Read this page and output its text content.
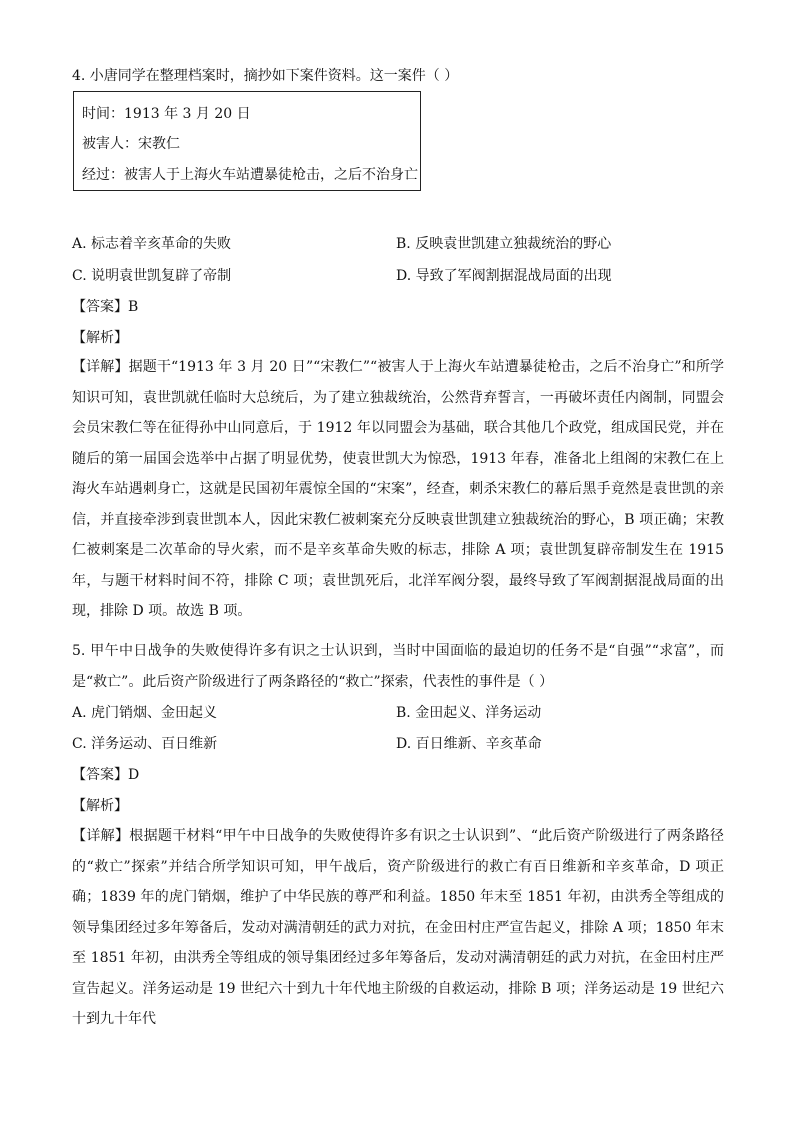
4. 小唐同学在整理档案时，摘抄如下案件资料。这一案件（ ）
时间：1913 年 3 月 20 日
被害人：宋教仁
经过：被害人于上海火车站遭暴徒枪击，之后不治身亡
A. 标志着辛亥革命的失败	B. 反映袁世凯建立独裁统治的野心
C. 说明袁世凯复辟了帝制	D. 导致了军阀割据混战局面的出现
【答案】B
【解析】
【详解】据题干“1913 年 3 月 20 日”“宋教仁”“被害人于上海火车站遭暴徒枪击，之后不治身亡”和所学知识可知，袁世凯就任临时大总统后，为了建立独裁统治，公然背弃誓言，一再破坏责任内阁制，同盟会会员宋教仁等在征得孙中山同意后，于 1912 年以同盟会为基础，联合其他几个政党，组成国民党，并在随后的第一届国会选举中占据了明显优势，使袁世凯大为惊恐，1913 年春，准备北上组阁的宋教仁在上海火车站遇刺身亡，这就是民国初年震惊全国的“宋案”，经查，刺杀宋教仁的幕后黑手竟然是袁世凯的亲信，并直接牵涉到袁世凯本人，因此宋教仁被刺案充分反映袁世凯建立独裁统治的野心，B 项正确；宋教仁被刺案是二次革命的导火索，而不是辛亥革命失败的标志，排除 A 项；袁世凯复辟帝制发生在 1915 年，与题干材料时间不符，排除 C 项；袁世凯死后，北洋军阀分裂，最终导致了军阀割据混战局面的出现，排除 D 项。故选 B 项。
5. 甲午中日战争的失败使得许多有识之士认识到，当时中国面临的最迫切的任务不是“自强”“求富”，而是“救亡”。此后资产阶级进行了两条路径的“救亡”探索，代表性的事件是（ ）
A. 虎门销烟、金田起义	B. 金田起义、洋务运动
C. 洋务运动、百日维新	D. 百日维新、辛亥革命
【答案】D
【解析】
【详解】根据题干材料“甲午中日战争的失败使得许多有识之士认识到”、“此后资产阶级进行了两条路径的“救亡”探索”并结合所学知识可知，甲午战后，资产阶级进行的救亡有百日维新和辛亥革命，D 项正确；1839 年的虎门销烟，维护了中华民族的尊严和利益。1850 年末至 1851 年初，由洪秀全等组成的领导集团经过多年筹备后，发动对满清朝廷的武力对抗，在金田村庄严宣告起义，排除 A 项；1850 年末至 1851 年初，由洪秀全等组成的领导集团经过多年筹备后，发动对满清朝廷的武力对抗，在金田村庄严宣告起义。洋务运动是 19 世纪六十到九十年代地主阶级的自救运动，排除 B 项；洋务运动是 19 世纪六十到九十年代
